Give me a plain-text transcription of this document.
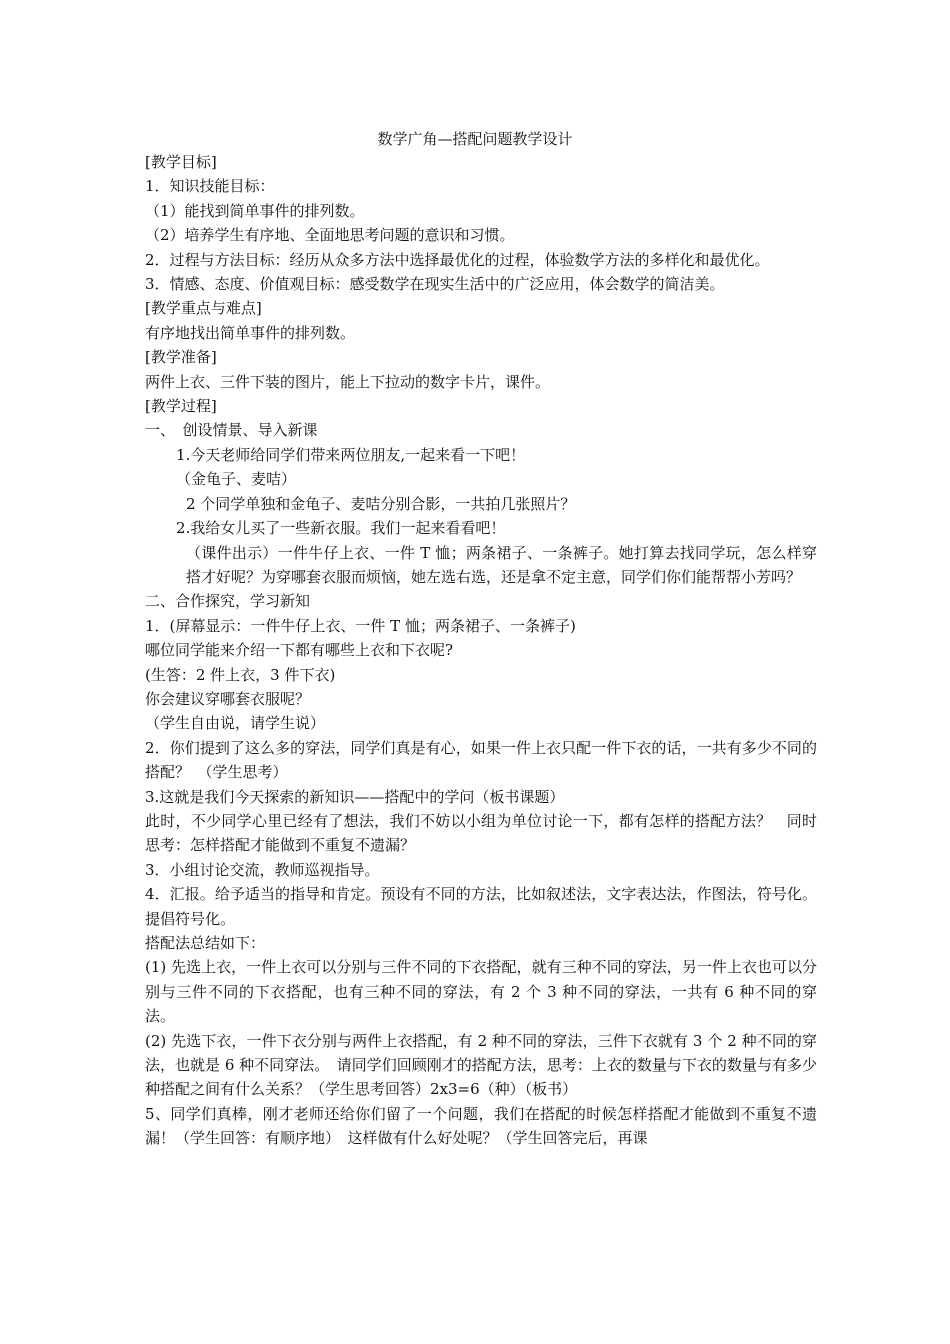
数学广角—搭配问题教学设计

[教学目标]

1．知识技能目标：

（1）能找到简单事件的排列数。

（2）培养学生有序地、全面地思考问题的意识和习惯。

2．过程与方法目标：经历从众多方法中选择最优化的过程，体验数学方法的多样化和最优化。

3．情感、态度、价值观目标：感受数学在现实生活中的广泛应用，体会数学的简洁美。

[教学重点与难点]

有序地找出简单事件的排列数。

[教学准备]

两件上衣、三件下装的图片，能上下拉动的数字卡片，课件。

[教学过程]

一、　创设情景、导入新课

1.今天老师给同学们带来两位朋友,一起来看一下吧！

（金龟子、麦咭）

2 个同学单独和金龟子、麦咭分别合影，一共拍几张照片？

2.我给女儿买了一些新衣服。我们一起来看看吧！

（课件出示）一件牛仔上衣、一件 T 恤；两条裙子、一条裤子。她打算去找同学玩，怎么样穿搭才好呢？为穿哪套衣服而烦恼，她左选右选，还是拿不定主意，同学们你们能帮帮小芳吗？

二、合作探究，学习新知

1．(屏幕显示：一件牛仔上衣、一件 T 恤；两条裙子、一条裤子)

哪位同学能来介绍一下都有哪些上衣和下衣呢?

(生答：2 件上衣，3 件下衣)

你会建议穿哪套衣服呢？

（学生自由说，请学生说）

2．你们提到了这么多的穿法，同学们真是有心，如果一件上衣只配一件下衣的话，一共有多少不同的搭配？　（学生思考）

3.这就是我们今天探索的新知识——搭配中的学问（板书课题）

此时，不少同学心里已经有了想法，我们不妨以小组为单位讨论一下，都有怎样的搭配方法？　同时思考：怎样搭配才能做到不重复不遗漏？

3．小组讨论交流，教师巡视指导。

4．汇报。给予适当的指导和肯定。预设有不同的方法，比如叙述法，文字表达法，作图法，符号化。提倡符号化。

搭配法总结如下：

(1) 先选上衣，一件上衣可以分别与三件不同的下衣搭配，就有三种不同的穿法，另一件上衣也可以分别与三件不同的下衣搭配，也有三种不同的穿法，有 2 个 3 种不同的穿法，一共有 6 种不同的穿法。

(2) 先选下衣，一件下衣分别与两件上衣搭配，有 2 种不同的穿法，三件下衣就有 3 个 2 种不同的穿法，也就是 6 种不同穿法。　请同学们回顾刚才的搭配方法，思考：上衣的数量与下衣的数量与有多少种搭配之间有什么关系？（学生思考回答）2x3=6（种）（板书）

5、同学们真棒，刚才老师还给你们留了一个问题，我们在搭配的时候怎样搭配才能做到不重复不遗漏！（学生回答：有顺序地）　这样做有什么好处呢？（学生回答完后，再课
